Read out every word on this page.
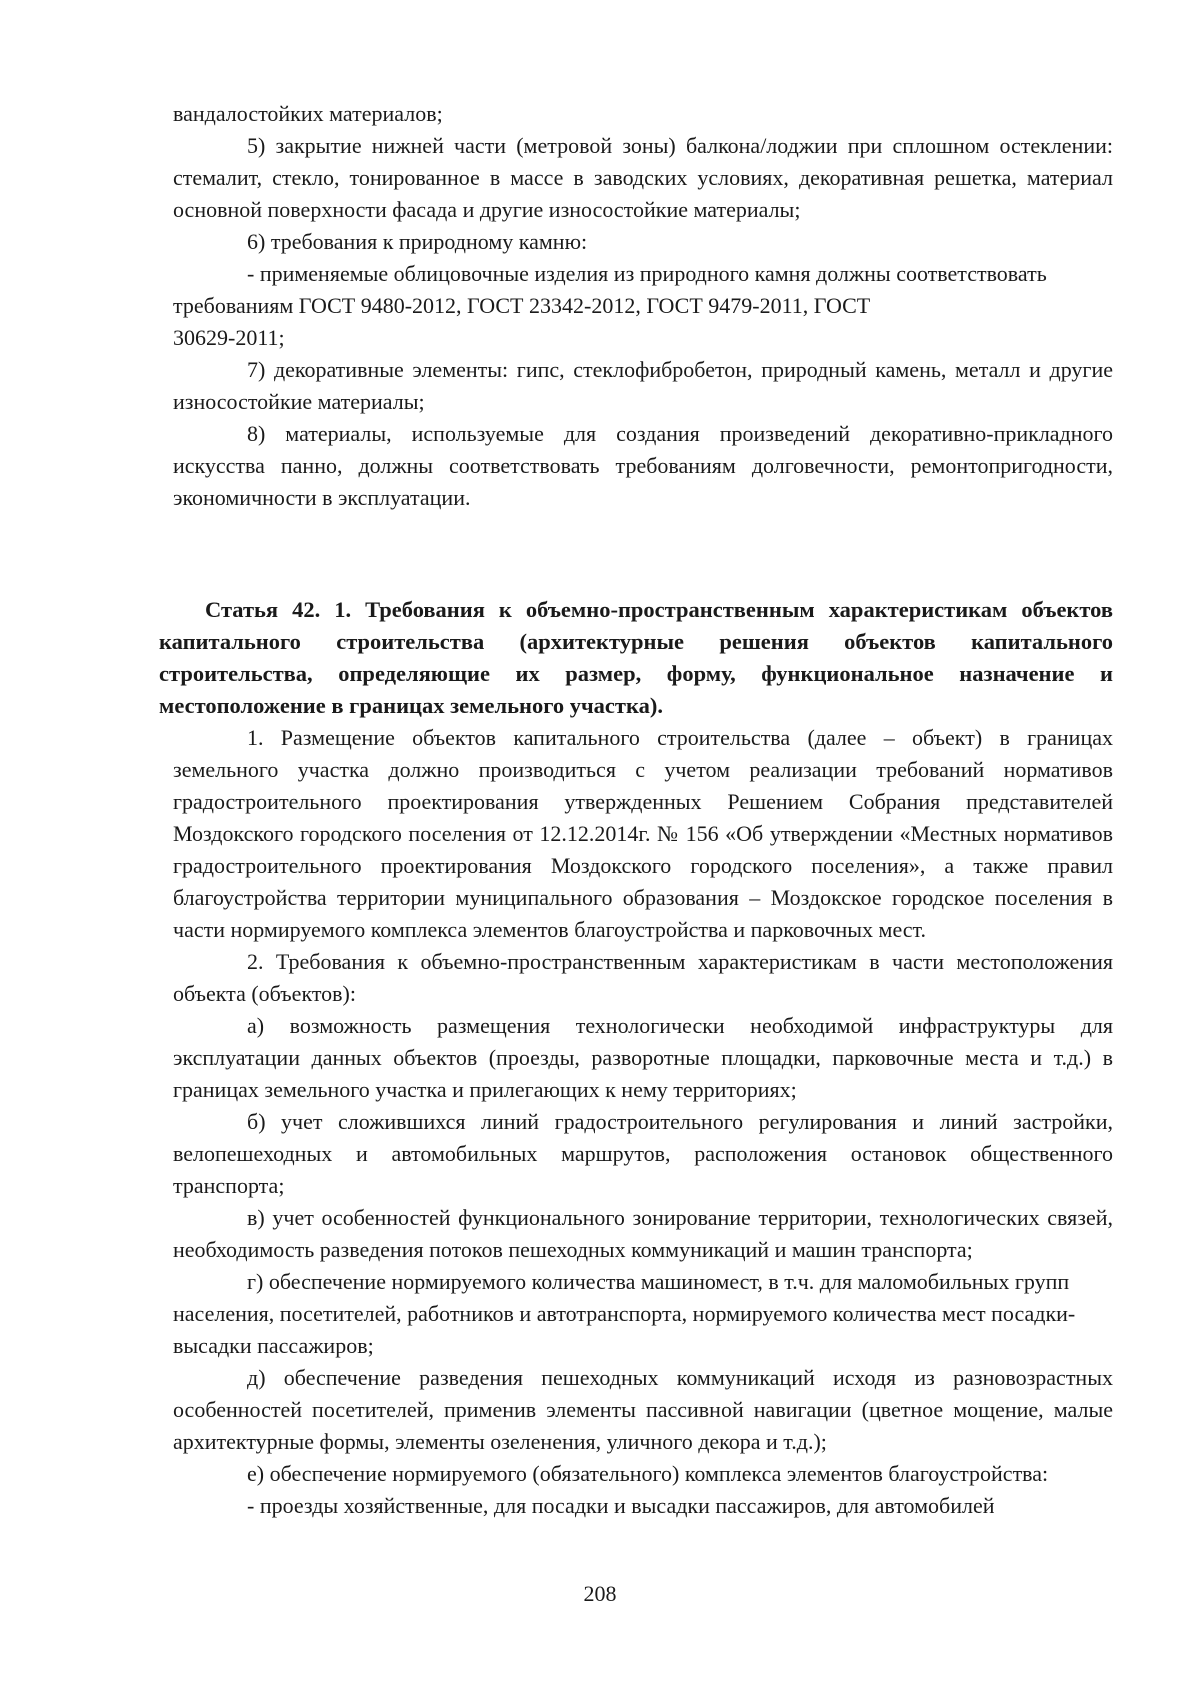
вандалостойких материалов;

5) закрытие нижней части (метровой зоны) балкона/лоджии при сплошном остеклении: стемалит, стекло, тонированное в массе в заводских условиях, декоративная решетка, материал основной поверхности фасада и другие износостойкие материалы;

6) требования к природному камню:

- применяемые облицовочные изделия из природного камня должны соответствовать требованиям ГОСТ 9480-2012, ГОСТ 23342-2012, ГОСТ 9479-2011, ГОСТ

30629-2011;

7) декоративные элементы: гипс, стеклофибробетон, природный камень, металл и другие износостойкие материалы;

8) материалы, используемые для создания произведений декоративно-прикладного искусства панно, должны соответствовать требованиям долговечности, ремонтопригодности, экономичности в эксплуатации.

Статья 42. 1. Требования к объемно-пространственным характеристикам объектов капитального строительства (архитектурные решения объектов капитального строительства, определяющие их размер, форму, функциональное назначение и местоположение в границах земельного участка).

1. Размещение объектов капитального строительства (далее – объект) в границах земельного участка должно производиться с учетом реализации требований нормативов градостроительного проектирования утвержденных Решением Собрания представителей Моздокского городского поселения от 12.12.2014г. № 156 «Об утверждении «Местных нормативов градостроительного проектирования Моздокского городского поселения», а также правил благоустройства территории муниципального образования – Моздокское городское поселения в части нормируемого комплекса элементов благоустройства и парковочных мест.

2. Требования к объемно-пространственным характеристикам в части местоположения объекта (объектов):

а) возможность размещения технологически необходимой инфраструктуры для эксплуатации данных объектов (проезды, разворотные площадки, парковочные места и т.д.) в границах земельного участка и прилегающих к нему территориях;

б) учет сложившихся линий градостроительного регулирования и линий застройки, велопешеходных и автомобильных маршрутов, расположения остановок общественного транспорта;

в) учет особенностей функционального зонирование территории, технологических связей, необходимость разведения потоков пешеходных коммуникаций и машин транспорта;

г) обеспечение нормируемого количества машиномест, в т.ч. для маломобильных групп населения, посетителей, работников и автотранспорта, нормируемого количества мест посадки-высадки пассажиров;

д) обеспечение разведения пешеходных коммуникаций исходя из разновозрастных особенностей посетителей, применив элементы пассивной навигации (цветное мощение, малые архитектурные формы, элементы озеленения, уличного декора и т.д.);

е) обеспечение нормируемого (обязательного) комплекса элементов благоустройства:

- проезды хозяйственные, для посадки и высадки пассажиров, для автомобилей

208
